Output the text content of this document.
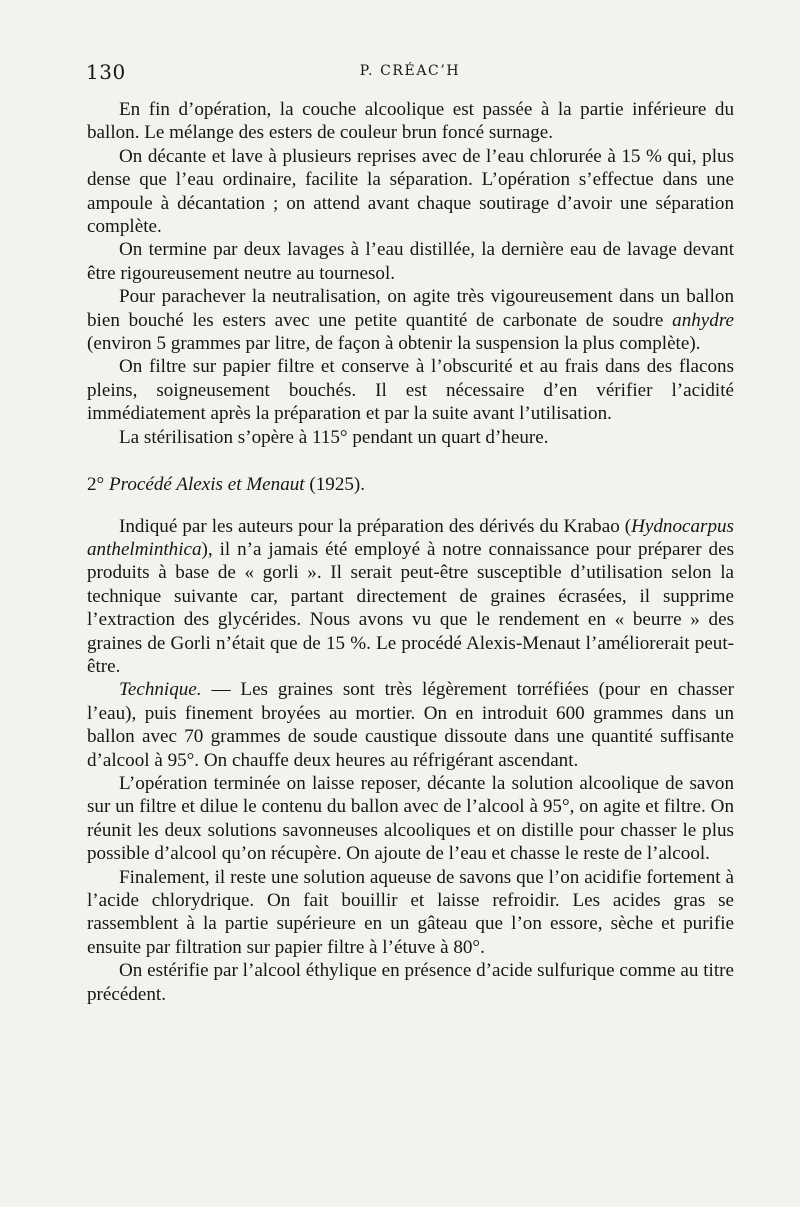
130	P. CRÉAC’H

En fin d’opération, la couche alcoolique est passée à la partie inférieure du ballon. Le mélange des esters de couleur brun foncé surnage.

On décante et lave à plusieurs reprises avec de l’eau chlorurée à 15 % qui, plus dense que l’eau ordinaire, facilite la séparation. L’opération s’effectue dans une ampoule à décantation ; on attend avant chaque soutirage d’avoir une séparation complète.

On termine par deux lavages à l’eau distillée, la dernière eau de lavage devant être rigoureusement neutre au tournesol.

Pour parachever la neutralisation, on agite très vigoureusement dans un ballon bien bouché les esters avec une petite quantité de carbonate de soudre anhydre (environ 5 grammes par litre, de façon à obtenir la suspension la plus complète).

On filtre sur papier filtre et conserve à l’obscurité et au frais dans des flacons pleins, soigneusement bouchés. Il est nécessaire d’en vérifier l’acidité immédiatement après la préparation et par la suite avant l’utilisation.

La stérilisation s’opère à 115° pendant un quart d’heure.

2° Procédé Alexis et Menaut (1925).

Indiqué par les auteurs pour la préparation des dérivés du Krabao (Hydnocarpus anthelminthica), il n’a jamais été employé à notre connaissance pour préparer des produits à base de « gorli ». Il serait peut-être susceptible d’utilisation selon la technique suivante car, partant directement de graines écrasées, il supprime l’extraction des glycérides. Nous avons vu que le rendement en « beurre » des graines de Gorli n’était que de 15 %. Le procédé Alexis-Menaut l’améliorerait peut-être.

Technique. — Les graines sont très légèrement torréfiées (pour en chasser l’eau), puis finement broyées au mortier. On en introduit 600 grammes dans un ballon avec 70 grammes de soude caustique dissoute dans une quantité suffisante d’alcool à 95°. On chauffe deux heures au réfrigérant ascendant.

L’opération terminée on laisse reposer, décante la solution alcoolique de savon sur un filtre et dilue le contenu du ballon avec de l’alcool à 95°, on agite et filtre. On réunit les deux solutions savonneuses alcooliques et on distille pour chasser le plus possible d’alcool qu’on récupère. On ajoute de l’eau et chasse le reste de l’alcool.

Finalement, il reste une solution aqueuse de savons que l’on acidifie fortement à l’acide chlorydrique. On fait bouillir et laisse refroidir. Les acides gras se rassemblent à la partie supérieure en un gâteau que l’on essore, sèche et purifie ensuite par filtration sur papier filtre à l’étuve à 80°.

On estérifie par l’alcool éthylique en présence d’acide sulfurique comme au titre précédent.
